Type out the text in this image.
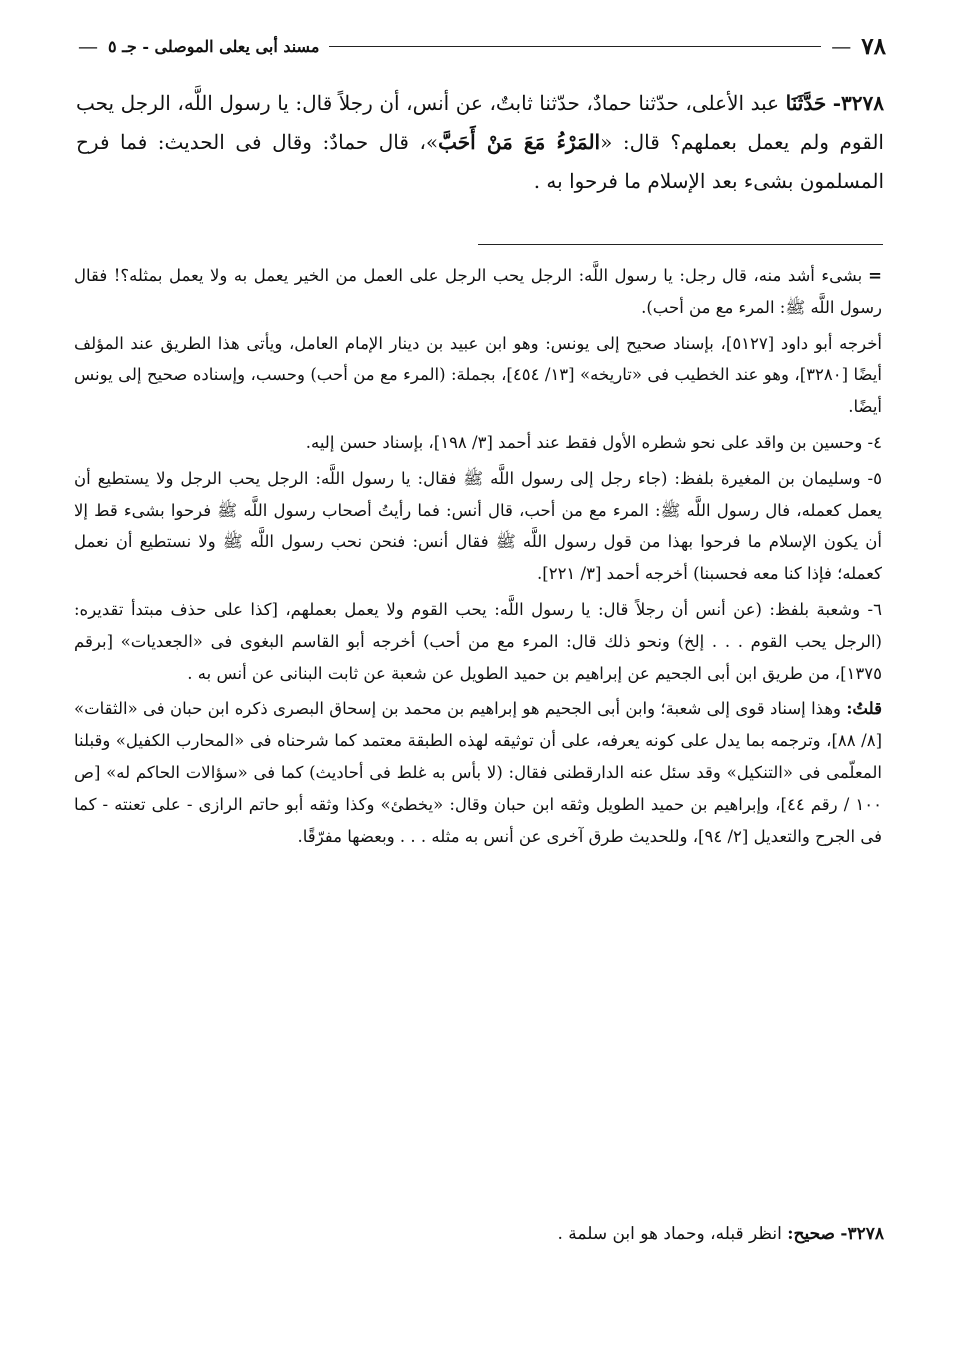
٧٨
—
مسند أبى يعلى الموصلى - جـ ٥
—
٣٢٧٨- حَدَّثَنَا عبد الأعلى، حدّثنا حمادٌ، حدّثنا ثابتٌ، عن أنس، أن رجلاً قال: يا رسول اللَّه، الرجل يحب القوم ولم يعمل بعملهم؟ قال: «المَرْءُ مَعَ مَنْ أَحَبَّ»، قال حمادٌ: وقال فى الحديث: فما فرح المسلمون بشىء بعد الإسلام ما فرحوا به .

=بشىء أشد منه، قال رجل: يا رسول اللَّه: الرجل يحب الرجل على العمل من الخير يعمل به ولا يعمل بمثله؟! فقال رسول اللَّه ﷺ: المرء مع من أحب).

أخرجه أبو داود [٥١٢٧]، بإسناد صحيح إلى يونس: وهو ابن عبيد بن دينار الإمام العامل، ويأتى هذا الطريق عند المؤلف أيضًا [٣٢٨٠]، وهو عند الخطيب فى «تاريخه» [١٣/ ٤٥٤]، بجملة: (المرء مع من أحب) وحسب، وإسناده صحيح إلى يونس أيضًا.

٤- وحسين بن واقد على نحو شطره الأول فقط عند أحمد [٣/ ١٩٨]، بإسناد حسن إليه.

٥- وسليمان بن المغيرة بلفظ: (جاء رجل إلى رسول اللَّه ﷺ فقال: يا رسول اللَّه: الرجل يحب الرجل ولا يستطيع أن يعمل كعمله، فال رسول اللَّه ﷺ: المرء مع من أحب، قال أنس: فما رأيتُ أصحاب رسول اللَّه ﷺ فرحوا بشىء قط إلا أن يكون الإسلام ما فرحوا بهذا من قول رسول اللَّه ﷺ فقال أنس: فنحن نحب رسول اللَّه ﷺ ولا نستطيع أن نعمل كعمله؛ فإذا كنا معه فحسبنا) أخرجه أحمد [٣/ ٢٢١].

٦- وشعبة بلفظ: (عن أنس أن رجلاً قال: يا رسول اللَّه: يحب القوم ولا يعمل بعملهم، [كذا على حذف مبتدأ تقديره: (الرجل يحب القوم . . . إلخ) ونحو ذلك قال: المرء مع من أحب) أخرجه أبو القاسم البغوى فى «الجعديات» [برقم ١٣٧٥]، من طريق ابن أبى الجحيم عن إبراهيم بن حميد الطويل عن شعبة عن ثابت البنانى عن أنس به .

قلتُ: وهذا إسناد قوى إلى شعبة؛ وابن أبى الجحيم هو إبراهيم بن محمد بن إسحاق البصرى ذكره ابن حبان فى «الثقات» [٨/ ٨٨]، وترجمه بما يدل على كونه يعرفه، على أن توثيقه لهذه الطبقة معتمد كما شرحناه فى «المحارب الكفيل» وقبلنا المعلّمى فى «التنكيل» وقد سئل عنه الدارقطنى فقال: (لا بأس به غلط فى أحاديث) كما فى «سؤالات الحاكم له» [ص ١٠٠ / رقم ٤٤]، وإبراهيم بن حميد الطويل وثقه ابن حبان وقال: «يخطئ» وكذا وثقه أبو حاتم الرازى - على تعنته - كما فى الجرح والتعديل [٢/ ٩٤]، وللحديث طرق آخرى عن أنس به مثله . . . وبعضها مفرّقًا.

٣٢٧٨- صحيح: انظر قبله، وحماد هو ابن سلمة .
